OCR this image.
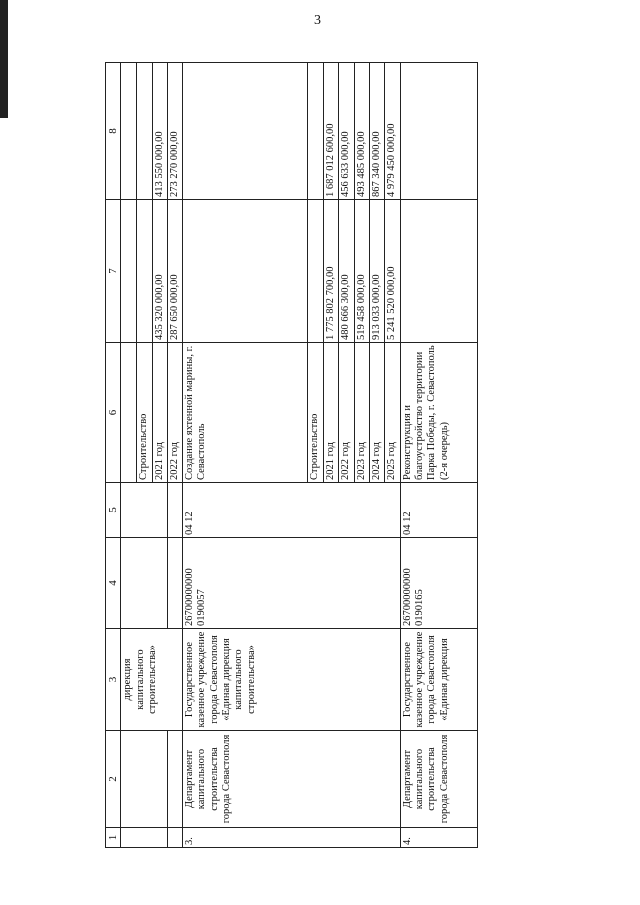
3
1	2	3	4	5	6	7	8
		дирекция капитального строительства»					
					Строительство		
					2021 год	435 320 000,00	413 550 000,00
					2022 год	287 650 000,00	273 270 000,00
3.	Департамент капитального строительства города Севастополя	Государственное казенное учреждение города Севастополя «Единая дирекция капитального строительства»	26700000000 0190057	04 12	Создание яхтенной марины, г. Севастополь		
					Строительство		
					2021 год	1 775 802 700,00	1 687 012 600,00
					2022 год	480 666 300,00	456 633 000,00
					2023 год	519 458 000,00	493 485 000,00
					2024 год	913 033 000,00	867 340 000,00
					2025 год	5 241 520 000,00	4 979 450 000,00
4.	Департамент капитального строительства города Севастополя	Государственное казенное учреждение города Севастополя «Единая дирекция	26700000000 0190165	04 12	Реконструкция и благоустройство территории Парка Победы, г. Севастополь (2-я очередь)		
